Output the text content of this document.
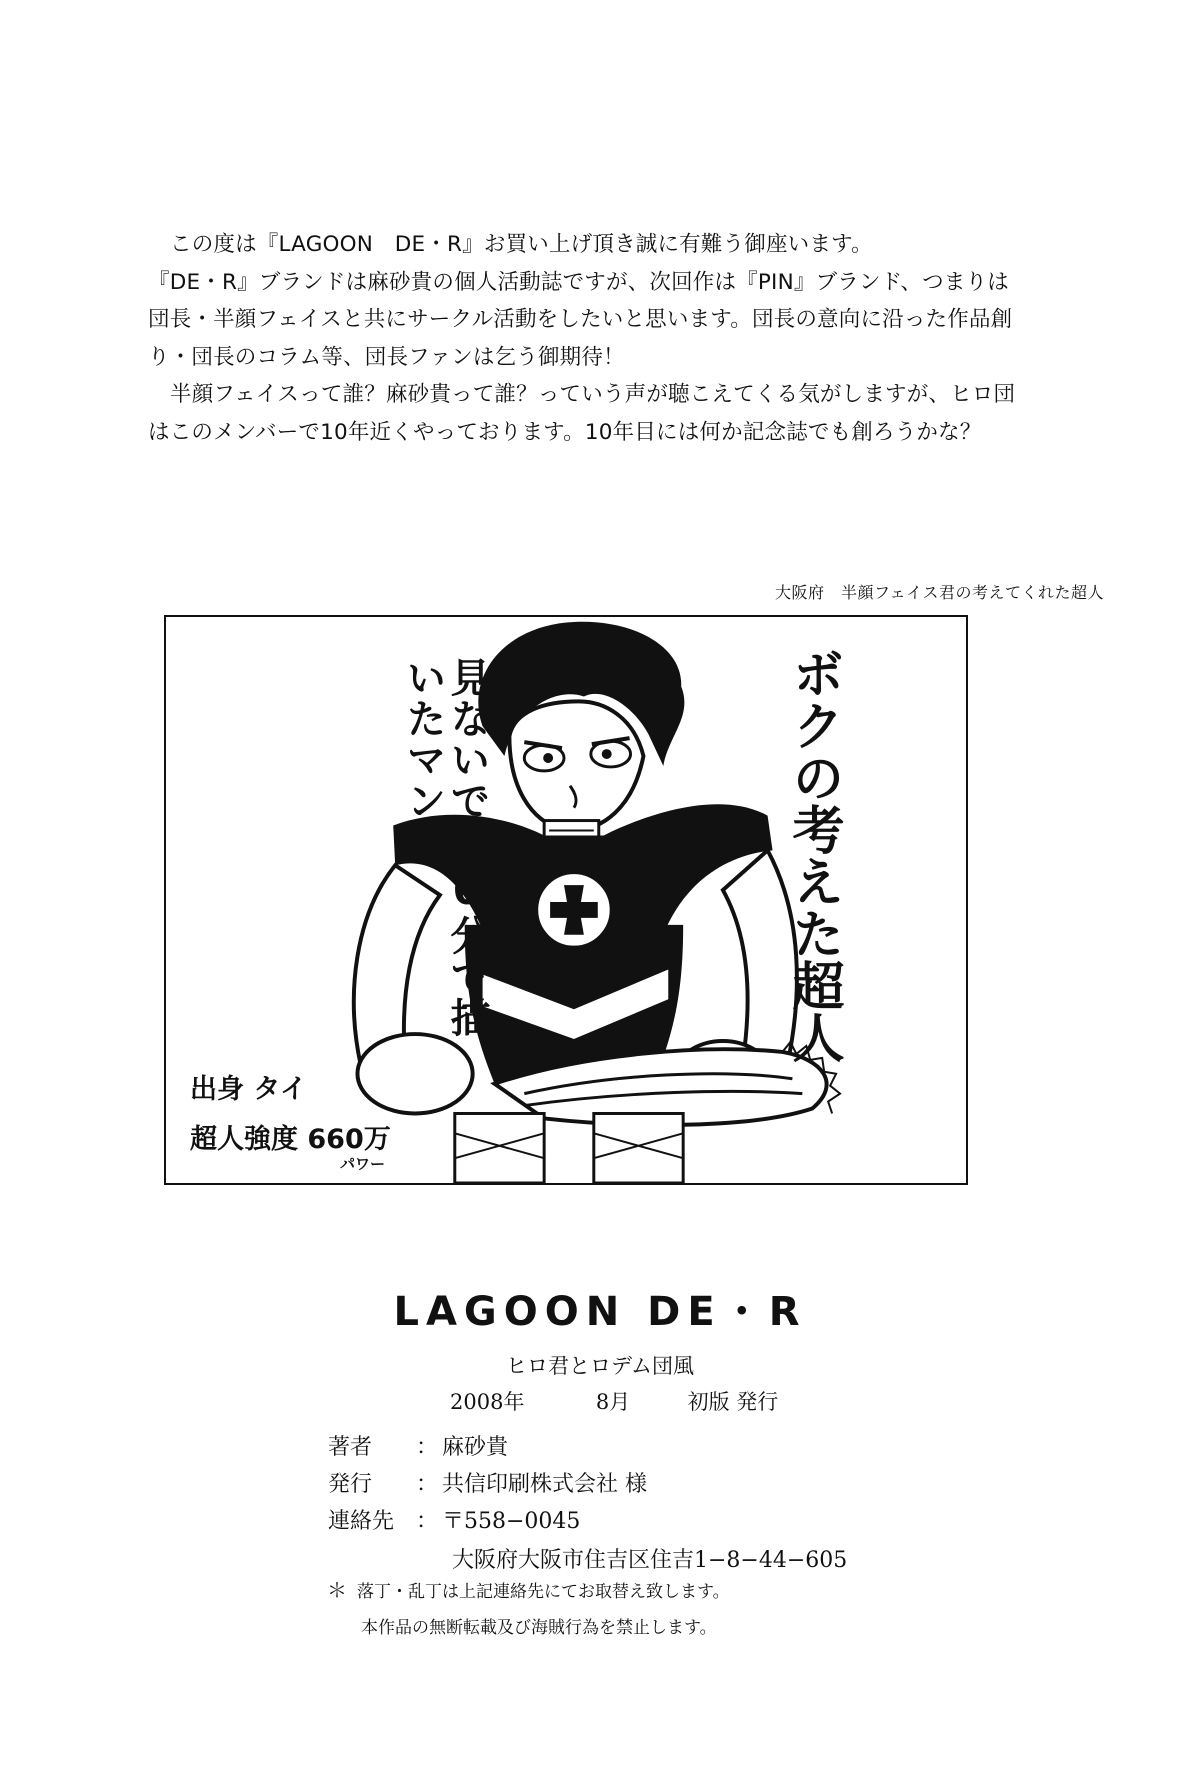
この度は『LAGOON　DE・R』お買い上げ頂き誠に有難う御座います。

『DE・R』ブランドは麻砂貴の個人活動誌ですが、次回作は『PIN』ブランド、つまりは団長・半顔フェイスと共にサークル活動をしたいと思います。団長の意向に沿った作品創り・団長のコラム等、団長ファンは乞う御期待！

半顔フェイスって誰？麻砂貴って誰？っていう声が聴こえてくる気がしますが、ヒロ団はこのメンバーで10年近くやっております。10年目には何か記念誌でも創ろうかな？

大阪府　半顔フェイス君の考えてくれた超人
見ないで30分で描いたマン	ボクの考えた超人
出身 タイ
超人強度 660万
パワー
LAGOON DE・R
ヒロ君とロデム団風
2008年	8月	初版 発行
著者 ： 麻砂貴
発行 ： 共信印刷株式会社 様
連絡先 ： 〒558−0045
大阪府大阪市住吉区住吉1−8−44−605
＊ 落丁・乱丁は上記連絡先にてお取替え致します。
本作品の無断転載及び海賊行為を禁止します。
